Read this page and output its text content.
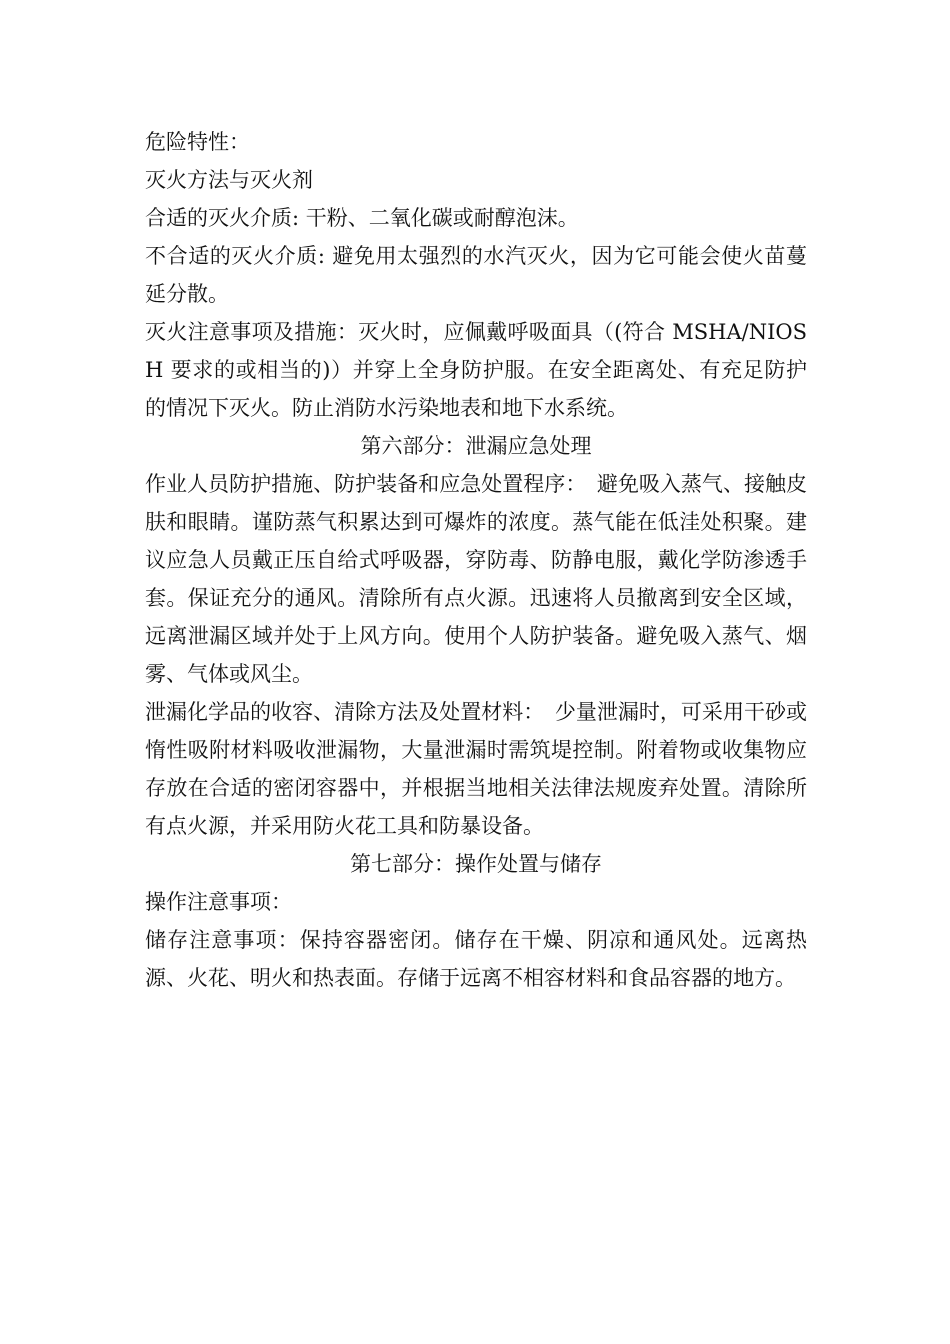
危险特性：

灭火方法与灭火剂

合适的灭火介质: 干粉、二氧化碳或耐醇泡沫。

不合适的灭火介质: 避免用太强烈的水汽灭火，因为它可能会使火苗蔓延分散。

灭火注意事项及措施：灭火时，应佩戴呼吸面具（(符合 MSHA/NIOSH 要求的或相当的)）并穿上全身防护服。在安全距离处、有充足防护的情况下灭火。防止消防水污染地表和地下水系统。

第六部分：泄漏应急处理

作业人员防护措施、防护装备和应急处置程序：　避免吸入蒸气、接触皮肤和眼睛。谨防蒸气积累达到可爆炸的浓度。蒸气能在低洼处积聚。建议应急人员戴正压自给式呼吸器，穿防毒、防静电服，戴化学防渗透手套。保证充分的通风。清除所有点火源。迅速将人员撤离到安全区域，远离泄漏区域并处于上风方向。使用个人防护装备。避免吸入蒸气、烟雾、气体或风尘。

泄漏化学品的收容、清除方法及处置材料：　少量泄漏时，可采用干砂或惰性吸附材料吸收泄漏物，大量泄漏时需筑堤控制。附着物或收集物应存放在合适的密闭容器中，并根据当地相关法律法规废弃处置。清除所有点火源，并采用防火花工具和防暴设备。

第七部分：操作处置与储存

操作注意事项：

储存注意事项：保持容器密闭。储存在干燥、阴凉和通风处。远离热源、火花、明火和热表面。存储于远离不相容材料和食品容器的地方。
